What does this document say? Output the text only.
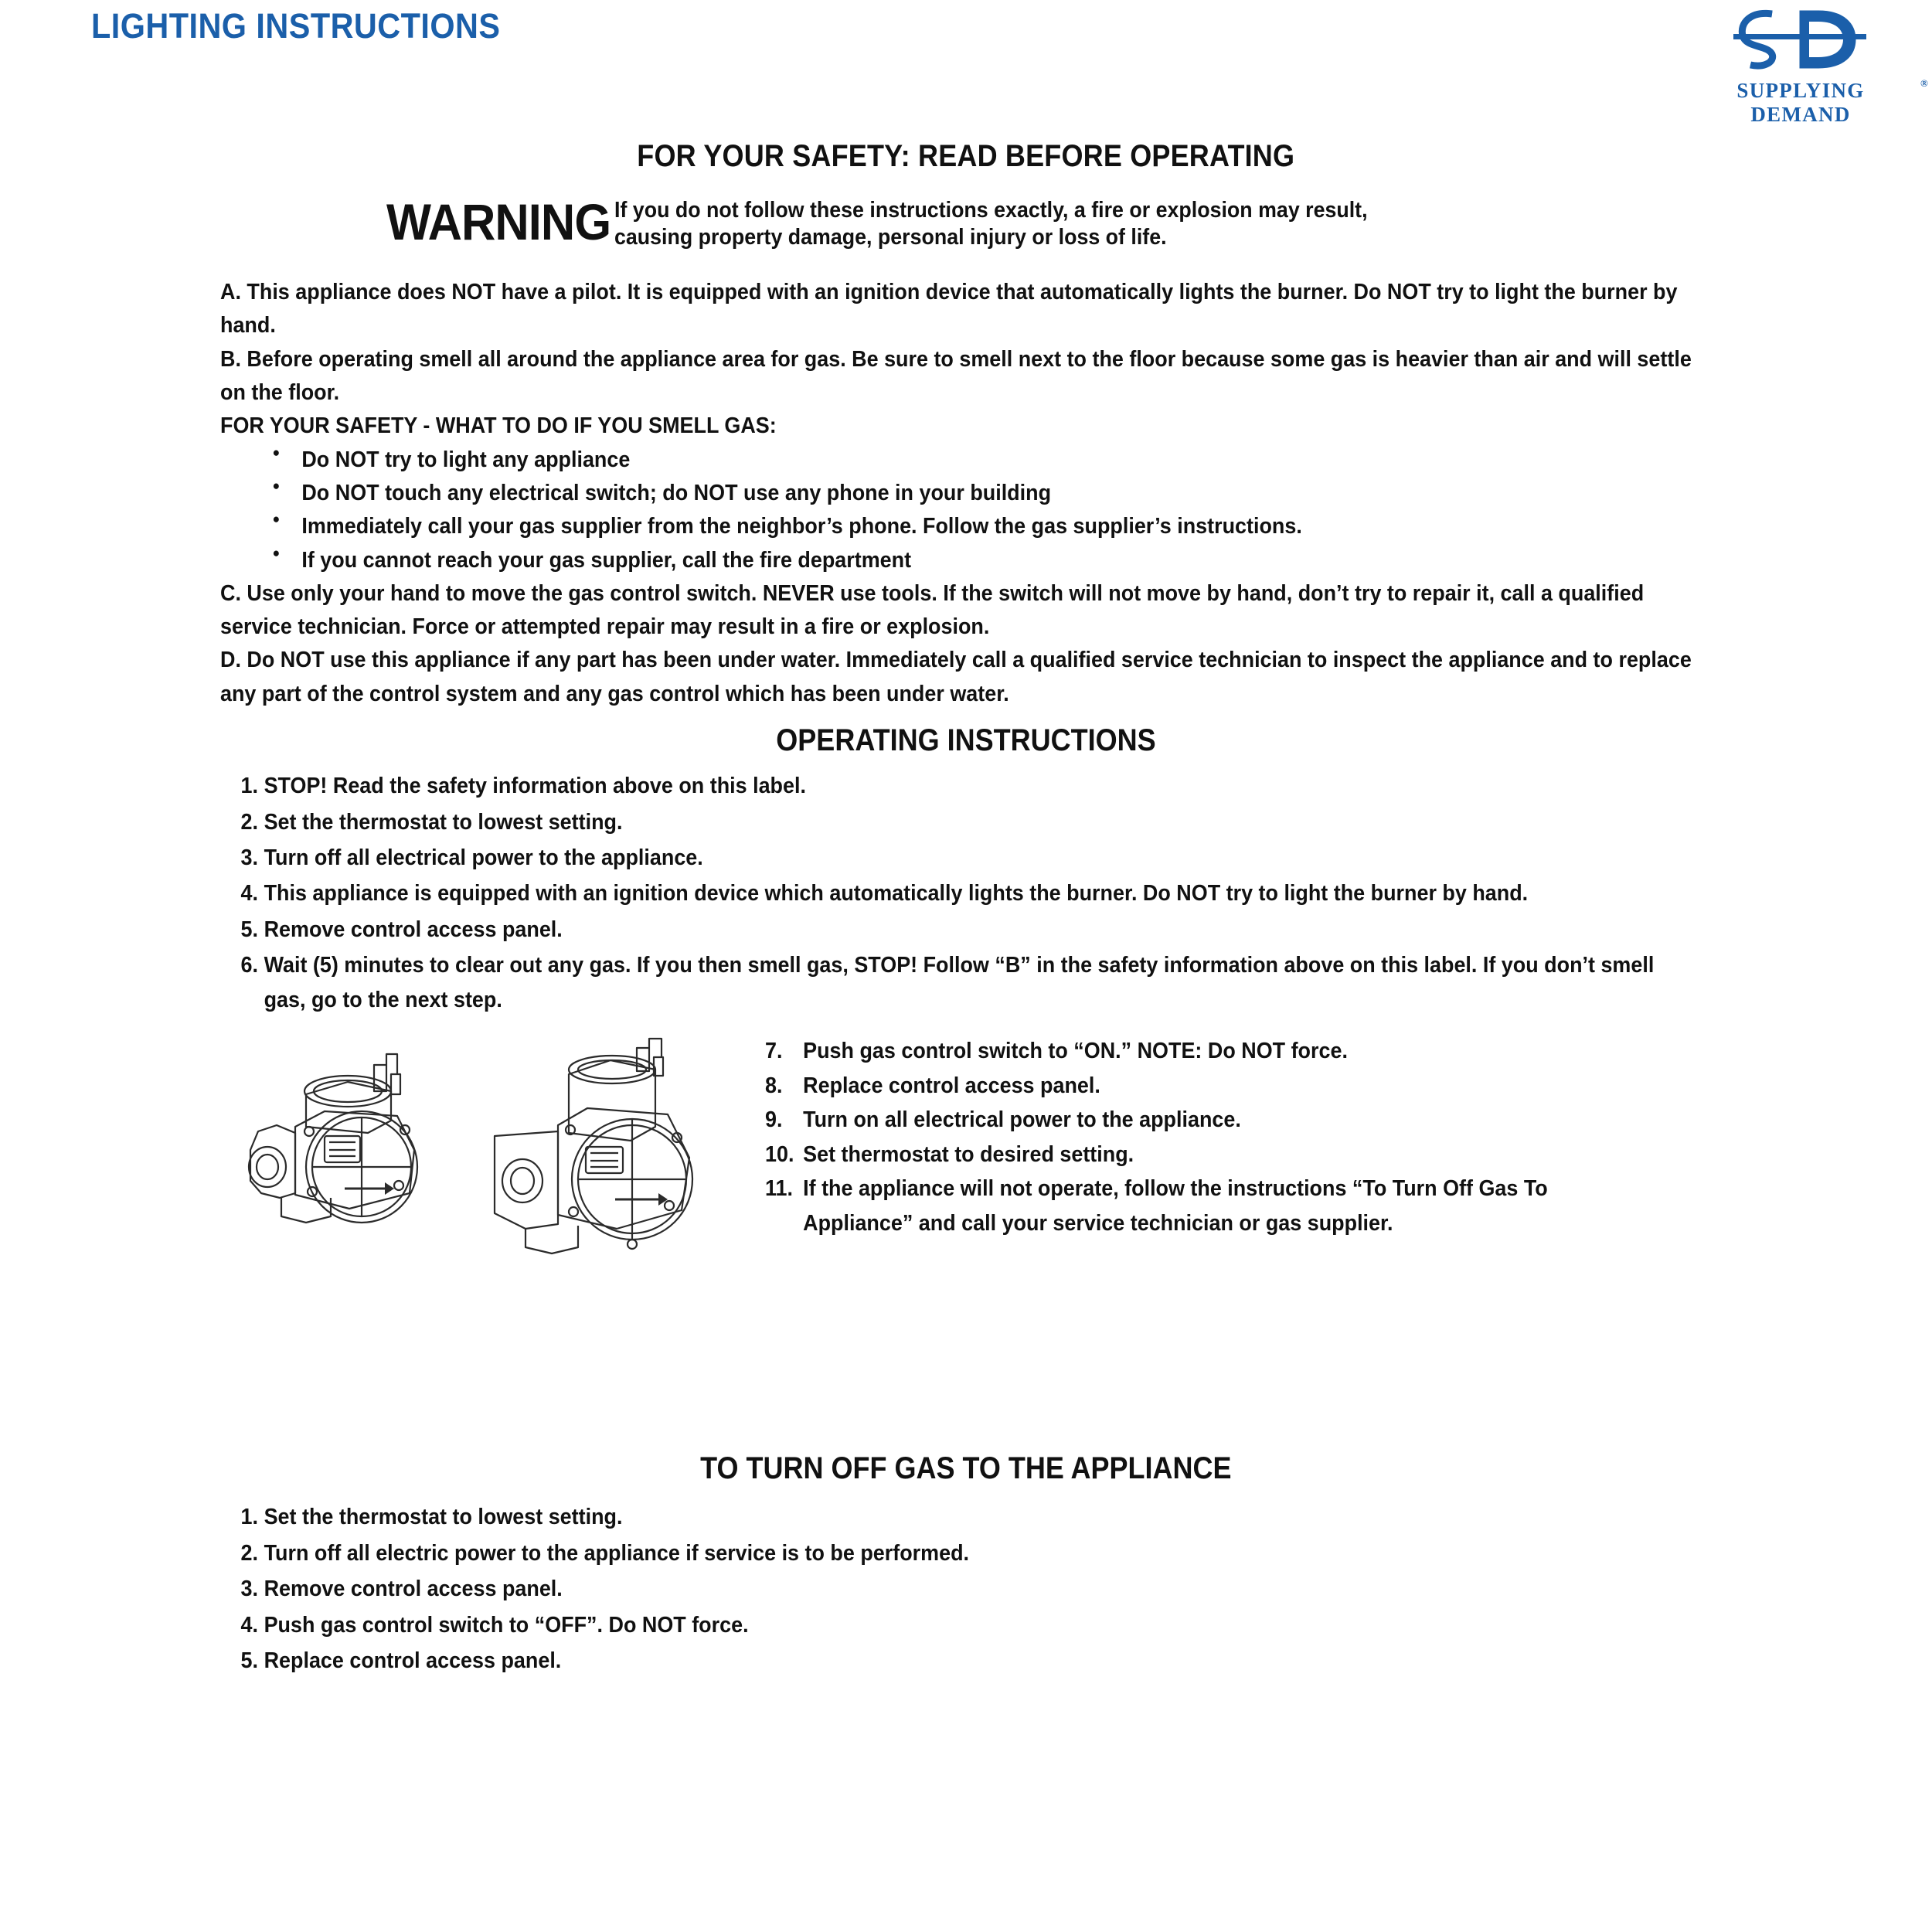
LIGHTING INSTRUCTIONS
SUPPLYING DEMAND
®
FOR YOUR SAFETY: READ BEFORE OPERATING
WARNING If you do not follow these instructions exactly, a fire or explosion may result, causing property damage, personal injury or loss of life.

A. This appliance does NOT have a pilot. It is equipped with an ignition device that automatically lights the burner. Do NOT try to light the burner by hand.

B. Before operating smell all around the appliance area for gas. Be sure to smell next to the floor because some gas is heavier than air and will settle on the floor.

FOR YOUR SAFETY - WHAT TO DO IF YOU SMELL GAS:

● Do NOT try to light any appliance
● Do NOT touch any electrical switch; do NOT use any phone in your building
● Immediately call your gas supplier from the neighbor’s phone. Follow the gas supplier’s instructions.
● If you cannot reach your gas supplier, call the fire department

C. Use only your hand to move the gas control switch. NEVER use tools. If the switch will not move by hand, don’t try to repair it, call a qualified service technician. Force or attempted repair may result in a fire or explosion.

D. Do NOT use this appliance if any part has been under water. Immediately call a qualified service technician to inspect the appliance and to replace any part of the control system and any gas control which has been under water.

OPERATING INSTRUCTIONS
1. STOP! Read the safety information above on this label.
2. Set the thermostat to lowest setting.
3. Turn off all electrical power to the appliance.
4. This appliance is equipped with an ignition device which automatically lights the burner. Do NOT try to light the burner by hand.
5. Remove control access panel.
6. Wait (5) minutes to clear out any gas. If you then smell gas, STOP! Follow “B” in the safety information above on this label. If you don’t smell gas, go to the next step.
7. Push gas control switch to “ON.” NOTE: Do NOT force.
8. Replace control access panel.
9. Turn on all electrical power to the appliance.
10. Set thermostat to desired setting.
11. If the appliance will not operate, follow the instructions “To Turn Off Gas To Appliance” and call your service technician or gas supplier.
TO TURN OFF GAS TO THE APPLIANCE
1. Set the thermostat to lowest setting.
2. Turn off all electric power to the appliance if service is to be performed.
3. Remove control access panel.
4. Push gas control switch to “OFF”. Do NOT force.
5. Replace control access panel.
